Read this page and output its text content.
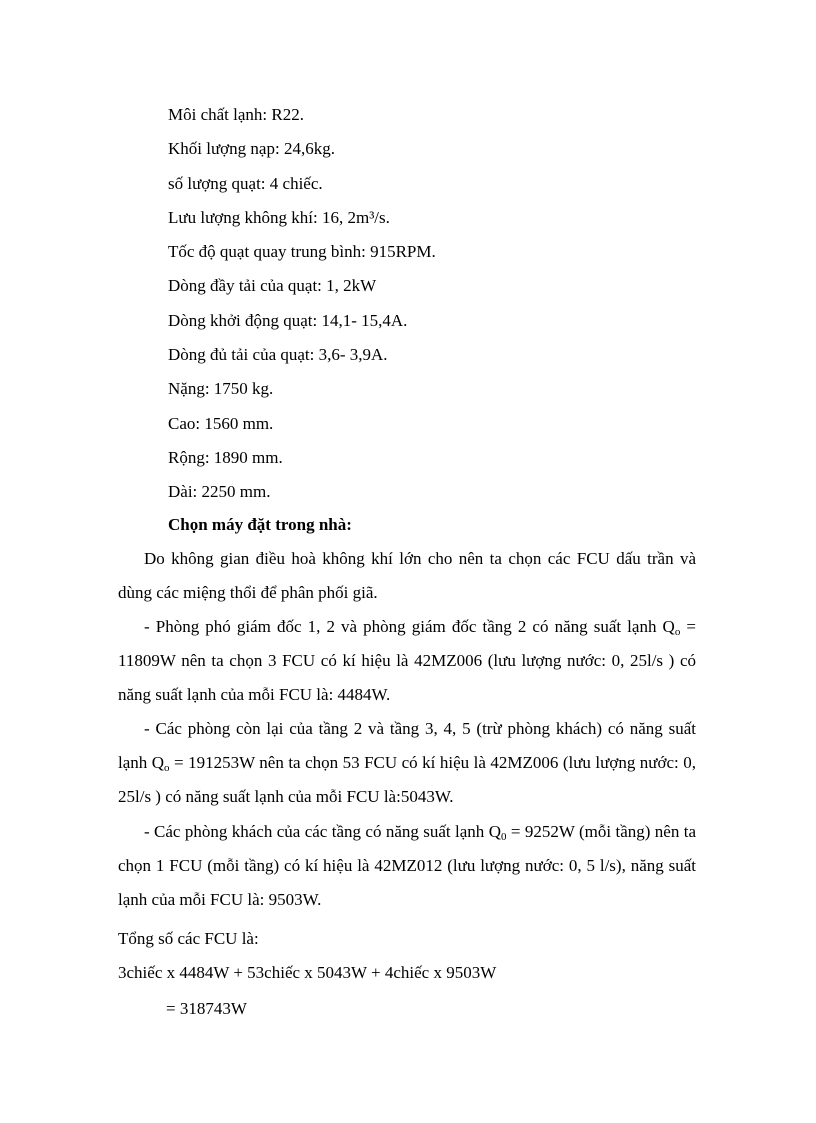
Môi chất lạnh: R22.
Khối lượng nạp: 24,6kg.
số lượng quạt: 4 chiếc.
Lưu lượng không khí: 16, 2m³/s.
Tốc độ quạt quay trung bình: 915RPM.
Dòng đầy tải của quạt: 1, 2kW
Dòng khởi động quạt: 14,1- 15,4A.
Dòng đủ tải của quạt: 3,6- 3,9A.
Nặng: 1750 kg.
Cao: 1560 mm.
Rộng: 1890 mm.
Dài: 2250 mm.
Chọn máy đặt trong nhà:

Do không gian điều hoà không khí lớn cho nên ta chọn các FCU dấu trần và dùng các miệng thổi để phân phối giã.

- Phòng phó giám đốc 1, 2 và phòng giám đốc tầng 2 có năng suất lạnh $Q_o = 11809W$ nên ta chọn 3 FCU có kí hiệu là 42MZ006 (lưu lượng nước: 0, 25l/s ) có năng suất lạnh của mỗi FCU là: 4484W.

- Các phòng còn lại của tầng 2 và tầng 3, 4, 5 (trừ phòng khách) có năng suất lạnh $Q_o = 191253W$ nên ta chọn 53 FCU có kí hiệu là 42MZ006 (lưu lượng nước: 0, 25l/s ) có năng suất lạnh của mỗi FCU là:5043W.

- Các phòng khách của các tầng có năng suất lạnh $Q_0 = 9252W$ (mỗi tầng) nên ta chọn 1 FCU (mỗi tầng) có kí hiệu là 42MZ012 (lưu lượng nước: 0, 5 l/s), năng suất lạnh của mỗi FCU là: 9503W.

Tổng số các FCU là:
3chiếc x 4484W + 53chiếc x 5043W + 4chiếc x 9503W
= 318743W
